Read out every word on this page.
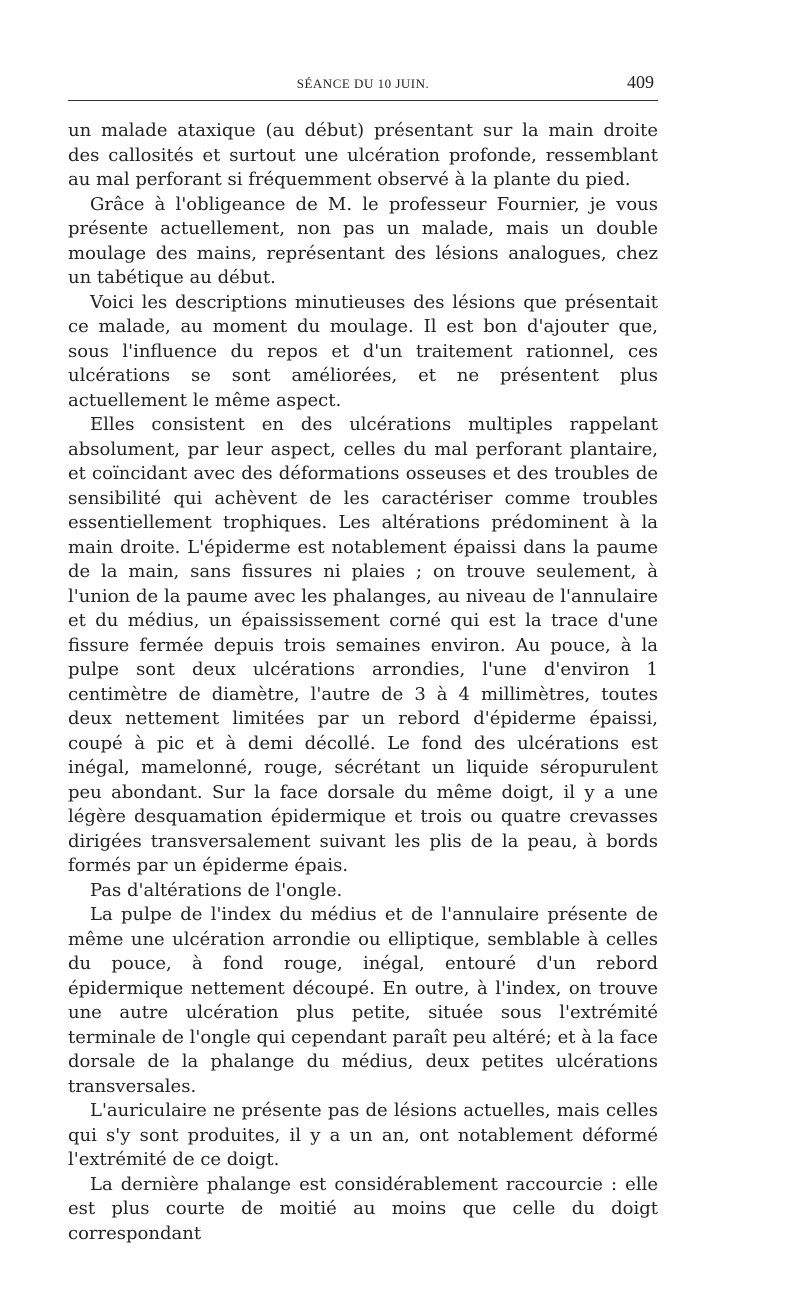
SÉANCE DU 10 JUIN.	409

un malade ataxique (au début) présentant sur la main droite des callosités et surtout une ulcération profonde, ressemblant au mal perforant si fréquemment observé à la plante du pied.

Grâce à l'obligeance de M. le professeur Fournier, je vous présente actuellement, non pas un malade, mais un double moulage des mains, représentant des lésions analogues, chez un tabétique au début.

Voici les descriptions minutieuses des lésions que présentait ce malade, au moment du moulage. Il est bon d'ajouter que, sous l'influence du repos et d'un traitement rationnel, ces ulcérations se sont améliorées, et ne présentent plus actuellement le même aspect.

Elles consistent en des ulcérations multiples rappelant absolument, par leur aspect, celles du mal perforant plantaire, et coïncidant avec des déformations osseuses et des troubles de sensibilité qui achèvent de les caractériser comme troubles essentiellement trophiques. Les altérations prédominent à la main droite. L'épiderme est notablement épaissi dans la paume de la main, sans fissures ni plaies ; on trouve seulement, à l'union de la paume avec les phalanges, au niveau de l'annulaire et du médius, un épaississement corné qui est la trace d'une fissure fermée depuis trois semaines environ. Au pouce, à la pulpe sont deux ulcérations arrondies, l'une d'environ 1 centimètre de diamètre, l'autre de 3 à 4 millimètres, toutes deux nettement limitées par un rebord d'épiderme épaissi, coupé à pic et à demi décollé. Le fond des ulcérations est inégal, mamelonné, rouge, sécrétant un liquide séropurulent peu abondant. Sur la face dorsale du même doigt, il y a une légère desquamation épidermique et trois ou quatre crevasses dirigées transversalement suivant les plis de la peau, à bords formés par un épiderme épais.

Pas d'altérations de l'ongle.

La pulpe de l'index du médius et de l'annulaire présente de même une ulcération arrondie ou elliptique, semblable à celles du pouce, à fond rouge, inégal, entouré d'un rebord épidermique nettement découpé. En outre, à l'index, on trouve une autre ulcération plus petite, située sous l'extrémité terminale de l'ongle qui cependant paraît peu altéré; et à la face dorsale de la phalange du médius, deux petites ulcérations transversales.

L'auriculaire ne présente pas de lésions actuelles, mais celles qui s'y sont produites, il y a un an, ont notablement déformé l'extrémité de ce doigt.

La dernière phalange est considérablement raccourcie : elle est plus courte de moitié au moins que celle du doigt correspondant
